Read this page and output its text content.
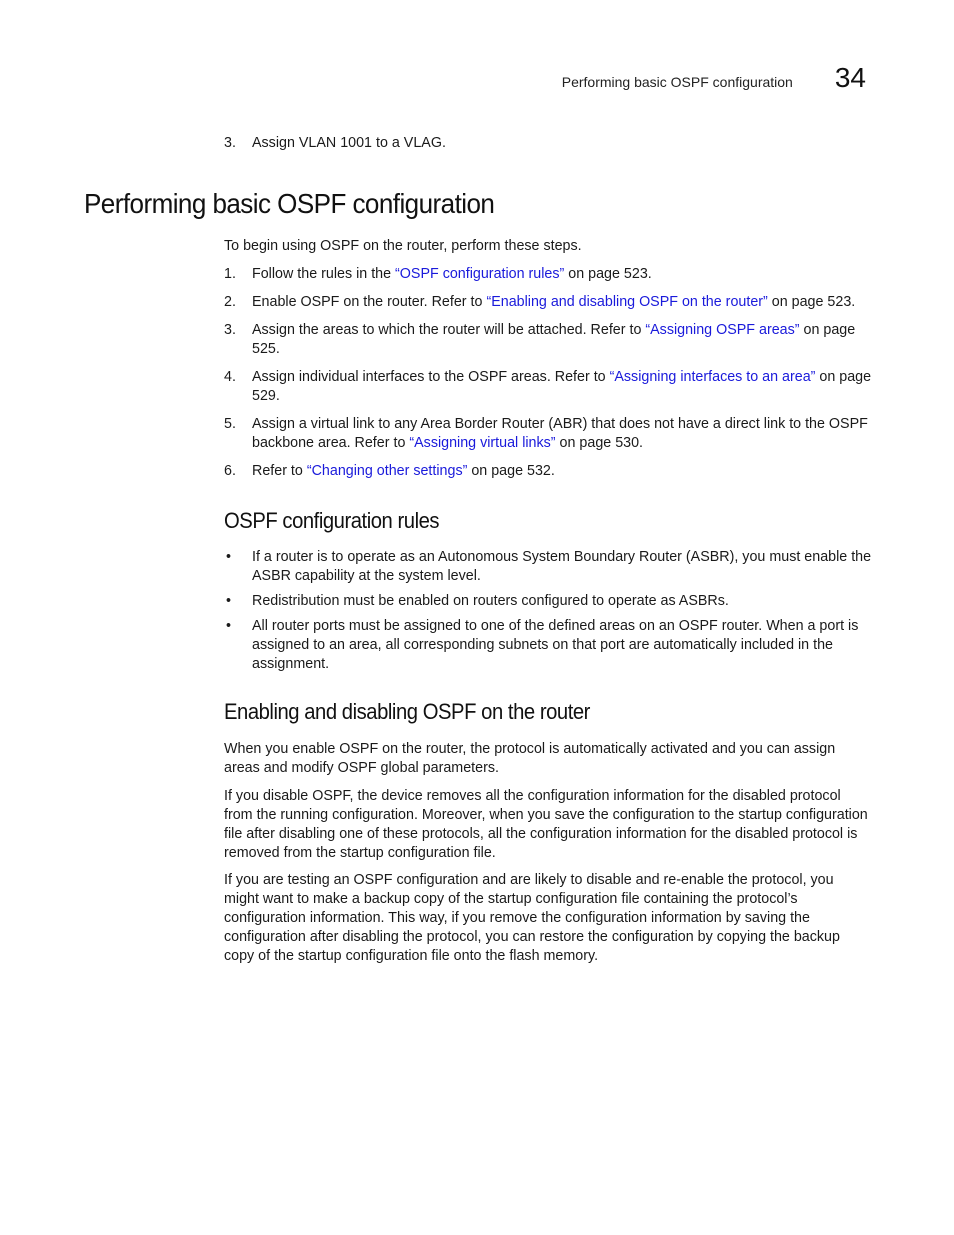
Performing basic OSPF configuration 34
3.	Assign VLAN 1001 to a VLAG.
Performing basic OSPF configuration

To begin using OSPF on the router, perform these steps.

1.	Follow the rules in the “OSPF configuration rules” on page 523.
2.	Enable OSPF on the router. Refer to “Enabling and disabling OSPF on the router” on page 523.
3.	Assign the areas to which the router will be attached. Refer to “Assigning OSPF areas” on page 525.
4.	Assign individual interfaces to the OSPF areas. Refer to “Assigning interfaces to an area” on page 529.
5.	Assign a virtual link to any Area Border Router (ABR) that does not have a direct link to the OSPF backbone area. Refer to “Assigning virtual links” on page 530.
6.	Refer to “Changing other settings” on page 532.
OSPF configuration rules
•	If a router is to operate as an Autonomous System Boundary Router (ASBR), you must enable the ASBR capability at the system level.
•	Redistribution must be enabled on routers configured to operate as ASBRs.
•	All router ports must be assigned to one of the defined areas on an OSPF router. When a port is assigned to an area, all corresponding subnets on that port are automatically included in the assignment.
Enabling and disabling OSPF on the router

When you enable OSPF on the router, the protocol is automatically activated and you can assign areas and modify OSPF global parameters.

If you disable OSPF, the device removes all the configuration information for the disabled protocol from the running configuration. Moreover, when you save the configuration to the startup configuration file after disabling one of these protocols, all the configuration information for the disabled protocol is removed from the startup configuration file.

If you are testing an OSPF configuration and are likely to disable and re-enable the protocol, you might want to make a backup copy of the startup configuration file containing the protocol’s configuration information. This way, if you remove the configuration information by saving the configuration after disabling the protocol, you can restore the configuration by copying the backup copy of the startup configuration file onto the flash memory.
